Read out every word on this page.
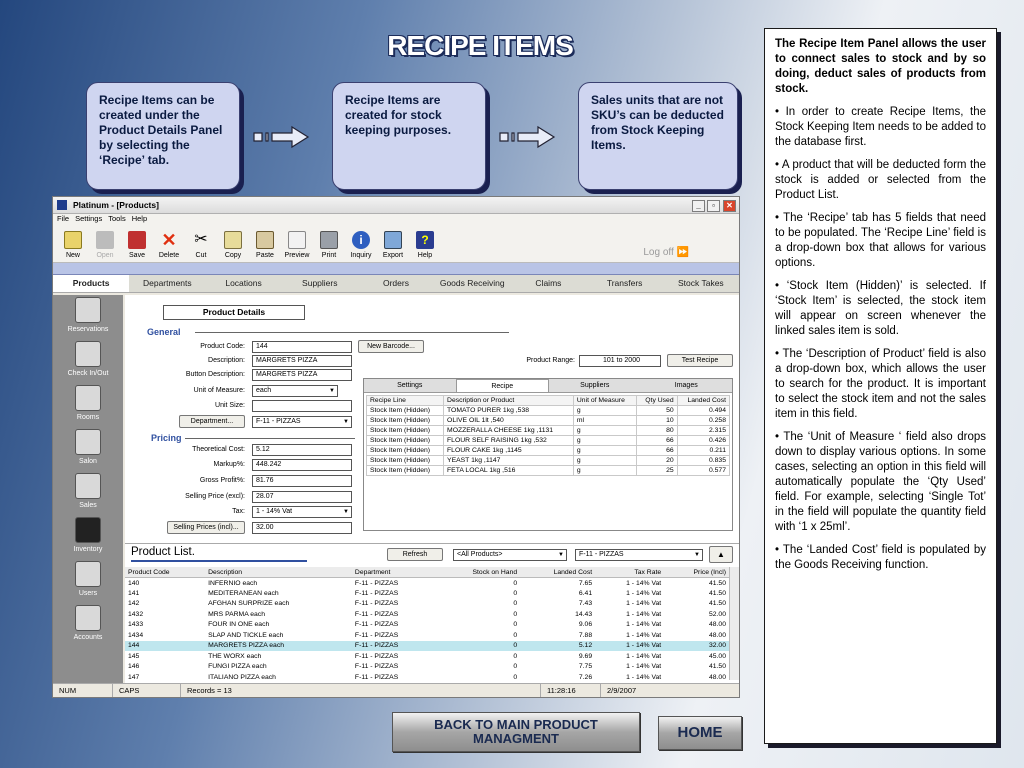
RECIPE ITEMS
Recipe Items can be created under the Product Details Panel by selecting the ‘Recipe’ tab.
Recipe Items are created for stock keeping purposes.
Sales units that are not SKU’s can be deducted from Stock Keeping Items.

The Recipe Item Panel allows the user to connect sales to stock and by so doing, deduct sales of products from stock.

• In order to create Recipe Items, the Stock Keeping Item needs to be added to the database first.

• A product that will be deducted form the stock is added or selected from the Product List.

• The ‘Recipe’ tab has 5 fields that need to be populated. The ‘Recipe Line’ field is a drop-down box that allows for various options.

• ‘Stock Item (Hidden)’ is selected. If ‘Stock Item’ is selected, the stock item will appear on screen whenever the linked sales item is sold.

• The ‘Description of Product’ field is also a drop-down box, which allows the user to search for the product. It is important to select the stock item and not the sales item in this field.

• The ‘Unit of Measure ‘ field also drops down to display various options. In some cases, selecting an option in this field will automatically populate the ‘Qty Used’ field. For example, selecting ‘Single Tot’ in the field will populate the quantity field with ‘1 x 25ml’.

• The ‘Landed Cost’ field is populated by the Goods Receiving function.

Platinum - [Products]	_	▫	✕
File Settings Tools Help
New	Open	Save
✕
Delete
✂
Cut	Copy	Paste	Preview	Print
i
Inquiry	Export
?
Help	Log off ⏩
Products	Departments	Locations	Suppliers	Orders	Goods Receiving	Claims	Transfers	Stock Takes
Reservations
Check In/Out
Rooms
Salon
Sales
Inventory
Users
Accounts
Product Details
General
Product Code:	144	New Barcode...
Description:	MARGRETS PIZZA	Product Range:	101 to 2000	Test Recipe
Button Description:	MARGRETS PIZZA
Unit of Measure:	each ▼
Unit Size:
Department...	F-11 - PIZZAS ▼
Pricing
Theoretical Cost:	5.12
Markup%:	448.242
Gross Profit%:	81.76
Selling Price (excl):	28.07
Tax:	1 - 14% Vat ▼
Selling Prices (incl)...	32.00
Settings	Recipe	Suppliers	Images
Recipe Line	Description or Product	Unit of Measure	Qty Used	Landed Cost
Stock Item (Hidden)	TOMATO PURER 1kg ,538	g	50	0.494
Stock Item (Hidden)	OLIVE OIL 1lt ,540	ml	10	0.258
Stock Item (Hidden)	MOZZERALLA CHEESE 1kg ,1131	g	80	2.315
Stock Item (Hidden)	FLOUR SELF RAISING 1kg ,532	g	66	0.426
Stock Item (Hidden)	FLOUR CAKE 1kg ,1145	g	66	0.211
Stock Item (Hidden)	YEAST 1kg ,1147	g	20	0.835
Stock Item (Hidden)	FETA LOCAL 1kg ,516	g	25	0.577
Product List.	Refresh	<All Products> ▼	F-11 - PIZZAS ▼	▲
Product Code	Description	Department	Stock on Hand	Landed Cost	Tax Rate	Price (Incl)
140	INFERNIO each	F-11 - PIZZAS	0	7.65	1 - 14% Vat	41.50
141	MEDITERANEAN each	F-11 - PIZZAS	0	6.41	1 - 14% Vat	41.50
142	AFGHAN SURPRIZE each	F-11 - PIZZAS	0	7.43	1 - 14% Vat	41.50
1432	MRS PARMA each	F-11 - PIZZAS	0	14.43	1 - 14% Vat	52.00
1433	FOUR IN ONE each	F-11 - PIZZAS	0	9.06	1 - 14% Vat	48.00
1434	SLAP AND TICKLE each	F-11 - PIZZAS	0	7.88	1 - 14% Vat	48.00
144	MARGRETS PIZZA each	F-11 - PIZZAS	0	5.12	1 - 14% Vat	32.00
145	THE WORX each	F-11 - PIZZAS	0	9.69	1 - 14% Vat	45.00
146	FUNGI PIZZA each	F-11 - PIZZAS	0	7.75	1 - 14% Vat	41.50
147	ITALIANO PIZZA each	F-11 - PIZZAS	0	7.26	1 - 14% Vat	48.00
NUM	CAPS	Records = 13	11:28:16	2/9/2007
BACK TO MAIN PRODUCT MANAGMENT	HOME
